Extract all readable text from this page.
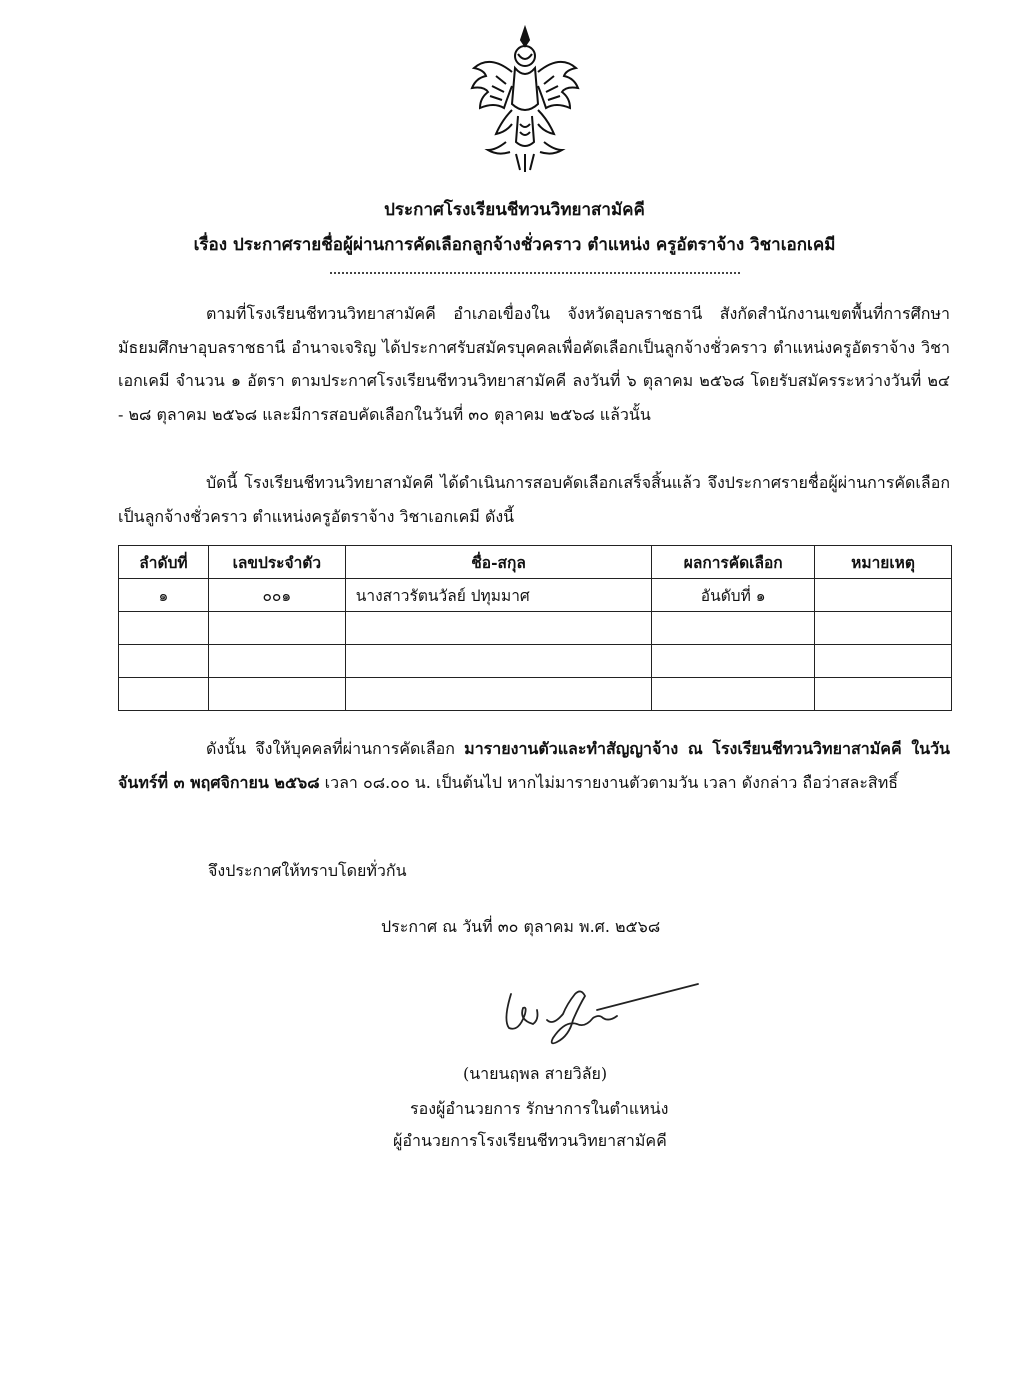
ประกาศโรงเรียนชีทวนวิทยาสามัคคี
เรื่อง ประกาศรายชื่อผู้ผ่านการคัดเลือกลูกจ้างชั่วคราว ตำแหน่ง ครูอัตราจ้าง วิชาเอกเคมี
ตามที่โรงเรียนชีทวนวิทยาสามัคคี อำเภอเขื่องใน จังหวัดอุบลราชธานี สังกัดสำนักงานเขตพื้นที่การศึกษามัธยมศึกษาอุบลราชธานี อำนาจเจริญ ได้ประกาศรับสมัครบุคคลเพื่อคัดเลือกเป็นลูกจ้างชั่วคราว ตำแหน่งครูอัตราจ้าง วิชาเอกเคมี จำนวน ๑ อัตรา ตามประกาศโรงเรียนชีทวนวิทยาสามัคคี ลงวันที่ ๖ ตุลาคม ๒๕๖๘ โดยรับสมัครระหว่างวันที่ ๒๔ - ๒๘ ตุลาคม ๒๕๖๘ และมีการสอบคัดเลือกในวันที่ ๓๐ ตุลาคม ๒๕๖๘ แล้วนั้น
บัดนี้ โรงเรียนชีทวนวิทยาสามัคคี ได้ดำเนินการสอบคัดเลือกเสร็จสิ้นแล้ว จึงประกาศรายชื่อผู้ผ่านการคัดเลือกเป็นลูกจ้างชั่วคราว ตำแหน่งครูอัตราจ้าง วิชาเอกเคมี ดังนี้
ลำดับที่	เลขประจำตัว	ชื่อ-สกุล	ผลการคัดเลือก	หมายเหตุ
๑	๐๐๑	นางสาวรัตนวัลย์ ปทุมมาศ	อันดับที่ ๑	

ดังนั้น จึงให้บุคคลที่ผ่านการคัดเลือก มารายงานตัวและทำสัญญาจ้าง ณ โรงเรียนชีทวนวิทยาสามัคคี ในวันจันทร์ที่ ๓ พฤศจิกายน ๒๕๖๘ เวลา ๐๘.๐๐ น. เป็นต้นไป หากไม่มารายงานตัวตามวัน เวลา ดังกล่าว ถือว่าสละสิทธิ์
จึงประกาศให้ทราบโดยทั่วกัน
ประกาศ ณ วันที่ ๓๐ ตุลาคม พ.ศ. ๒๕๖๘
(นายนฤพล สายวิลัย)
รองผู้อำนวยการ รักษาการในตำแหน่ง
ผู้อำนวยการโรงเรียนชีทวนวิทยาสามัคคี
